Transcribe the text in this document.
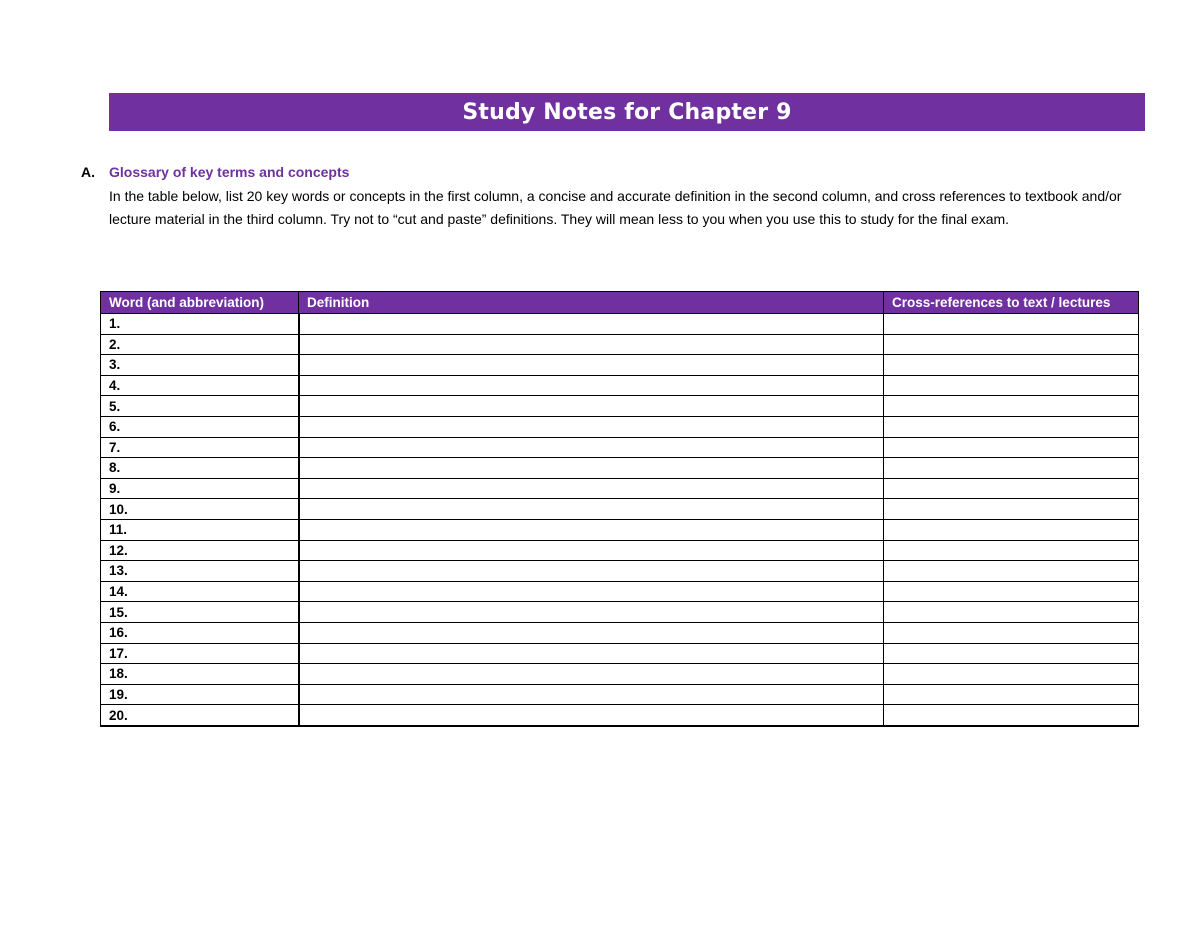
Study Notes for Chapter 9
A. Glossary of key terms and concepts

In the table below, list 20 key words or concepts in the first column, a concise and accurate definition in the second column, and cross references to textbook and/or lecture material in the third column. Try not to “cut and paste” definitions. They will mean less to you when you use this to study for the final exam.

Word (and abbreviation)	Definition	Cross-references to text / lectures
1.		
2.		
3.		
4.		
5.		
6.		
7.		
8.		
9.		
10.		
11.		
12.		
13.		
14.		
15.		
16.		
17.		
18.		
19.		
20.		
